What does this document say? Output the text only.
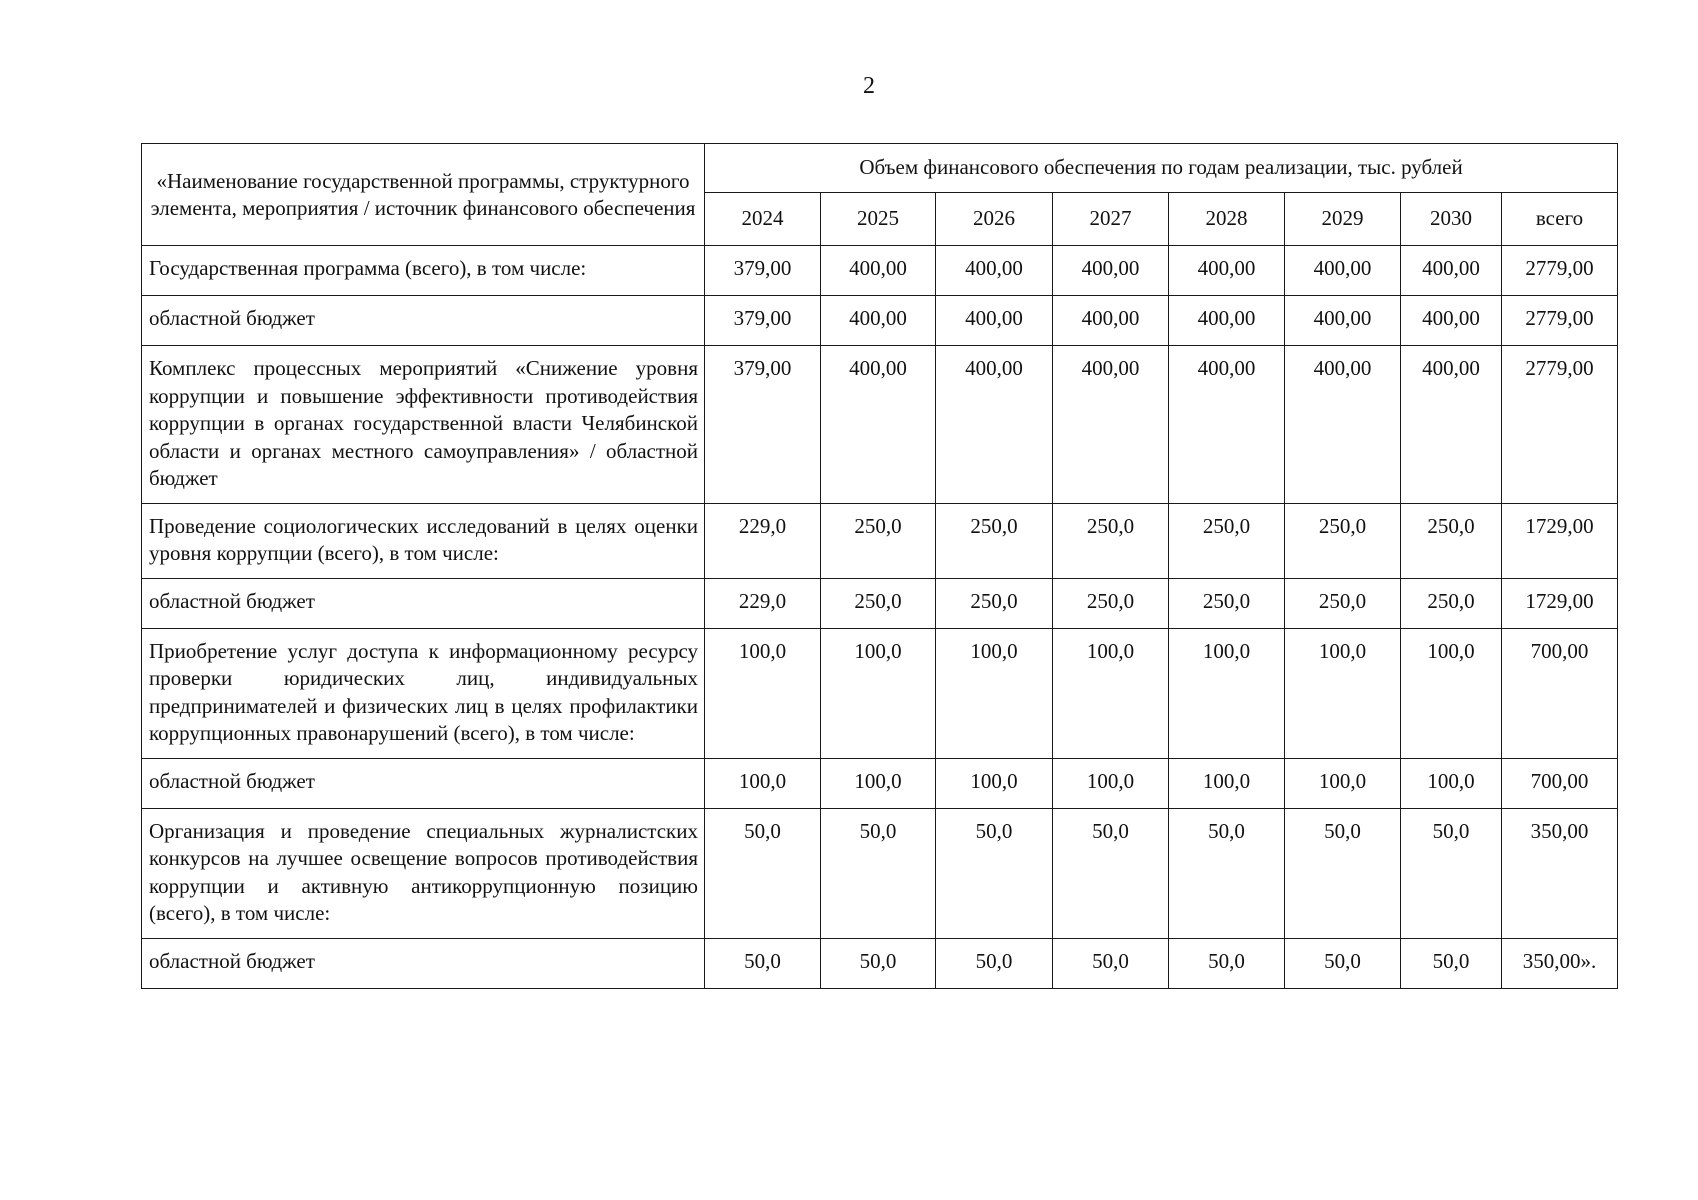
2
«Наименование государственной программы, структурного элемента, мероприятия / источник финансового обеспечения	Объем финансового обеспечения по годам реализации, тыс. рублей							
	2024	2025	2026	2027	2028	2029	2030	всего
Государственная программа (всего), в том числе:	379,00	400,00	400,00	400,00	400,00	400,00	400,00	2779,00
областной бюджет	379,00	400,00	400,00	400,00	400,00	400,00	400,00	2779,00
Комплекс процессных мероприятий «Снижение уровня коррупции и повышение эффективности противодействия коррупции в органах государственной власти Челябинской области и органах местного самоуправления» / областной бюджет	379,00	400,00	400,00	400,00	400,00	400,00	400,00	2779,00
Проведение социологических исследований в целях оценки уровня коррупции (всего), в том числе:	229,0	250,0	250,0	250,0	250,0	250,0	250,0	1729,00
областной бюджет	229,0	250,0	250,0	250,0	250,0	250,0	250,0	1729,00
Приобретение услуг доступа к информационному ресурсу проверки юридических лиц, индивидуальных предпринимателей и физических лиц в целях профилактики коррупционных правонарушений (всего), в том числе:	100,0	100,0	100,0	100,0	100,0	100,0	100,0	700,00
областной бюджет	100,0	100,0	100,0	100,0	100,0	100,0	100,0	700,00
Организация и проведение специальных журналистских конкурсов на лучшее освещение вопросов противодействия коррупции и активную антикоррупционную позицию (всего), в том числе:	50,0	50,0	50,0	50,0	50,0	50,0	50,0	350,00
областной бюджет	50,0	50,0	50,0	50,0	50,0	50,0	50,0	350,00».
